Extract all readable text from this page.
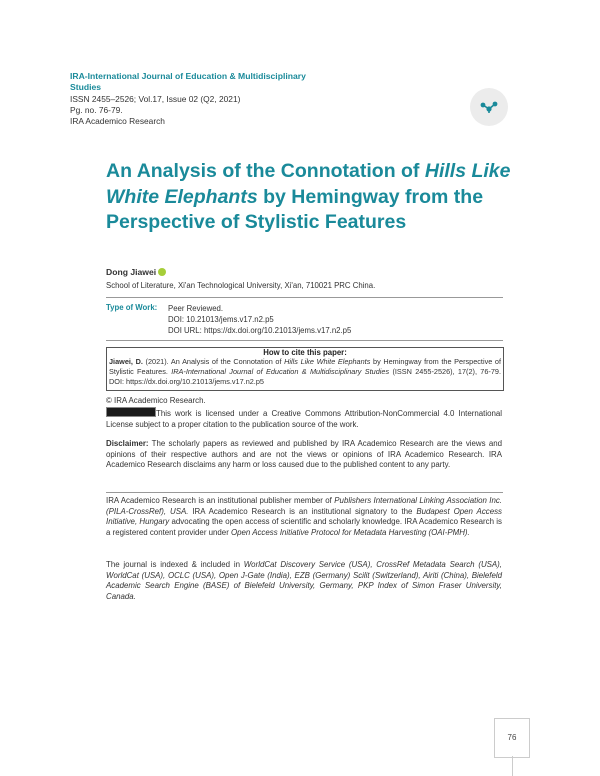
IRA-International Journal of Education & Multidisciplinary Studies
ISSN 2455–2526; Vol.17, Issue 02 (Q2, 2021)
Pg. no. 76-79.
IRA Academico Research
An Analysis of the Connotation of Hills Like White Elephants by Hemingway from the Perspective of Stylistic Features
Dong Jiawei
School of Literature, Xi'an Technological University, Xi'an, 710021 PRC China.
Type of Work: Peer Reviewed.
DOI: 10.21013/jems.v17.n2.p5
DOI URL: https://dx.doi.org/10.21013/jems.v17.n2.p5
How to cite this paper:
Jiawei, D. (2021). An Analysis of the Connotation of Hills Like White Elephants by Hemingway from the Perspective of Stylistic Features. IRA-International Journal of Education & Multidisciplinary Studies (ISSN 2455-2526), 17(2), 76-79. DOI: https://dx.doi.org/10.21013/jems.v17.n2.p5
© IRA Academico Research.
This work is licensed under a Creative Commons Attribution-NonCommercial 4.0 International License subject to a proper citation to the publication source of the work.
Disclaimer: The scholarly papers as reviewed and published by IRA Academico Research are the views and opinions of their respective authors and are not the views or opinions of IRA Academico Research. IRA Academico Research disclaims any harm or loss caused due to the published content to any party.
IRA Academico Research is an institutional publisher member of Publishers International Linking Association Inc. (PILA-CrossRef), USA. IRA Academico Research is an institutional signatory to the Budapest Open Access Initiative, Hungary advocating the open access of scientific and scholarly knowledge. IRA Academico Research is a registered content provider under Open Access Initiative Protocol for Metadata Harvesting (OAI-PMH).
The journal is indexed & included in WorldCat Discovery Service (USA), CrossRef Metadata Search (USA), WorldCat (USA), OCLC (USA), Open J-Gate (India), EZB (Germany) Scilit (Switzerland), Airiti (China), Bielefeld Academic Search Engine (BASE) of Bielefeld University, Germany, PKP Index of Simon Fraser University, Canada.
76
